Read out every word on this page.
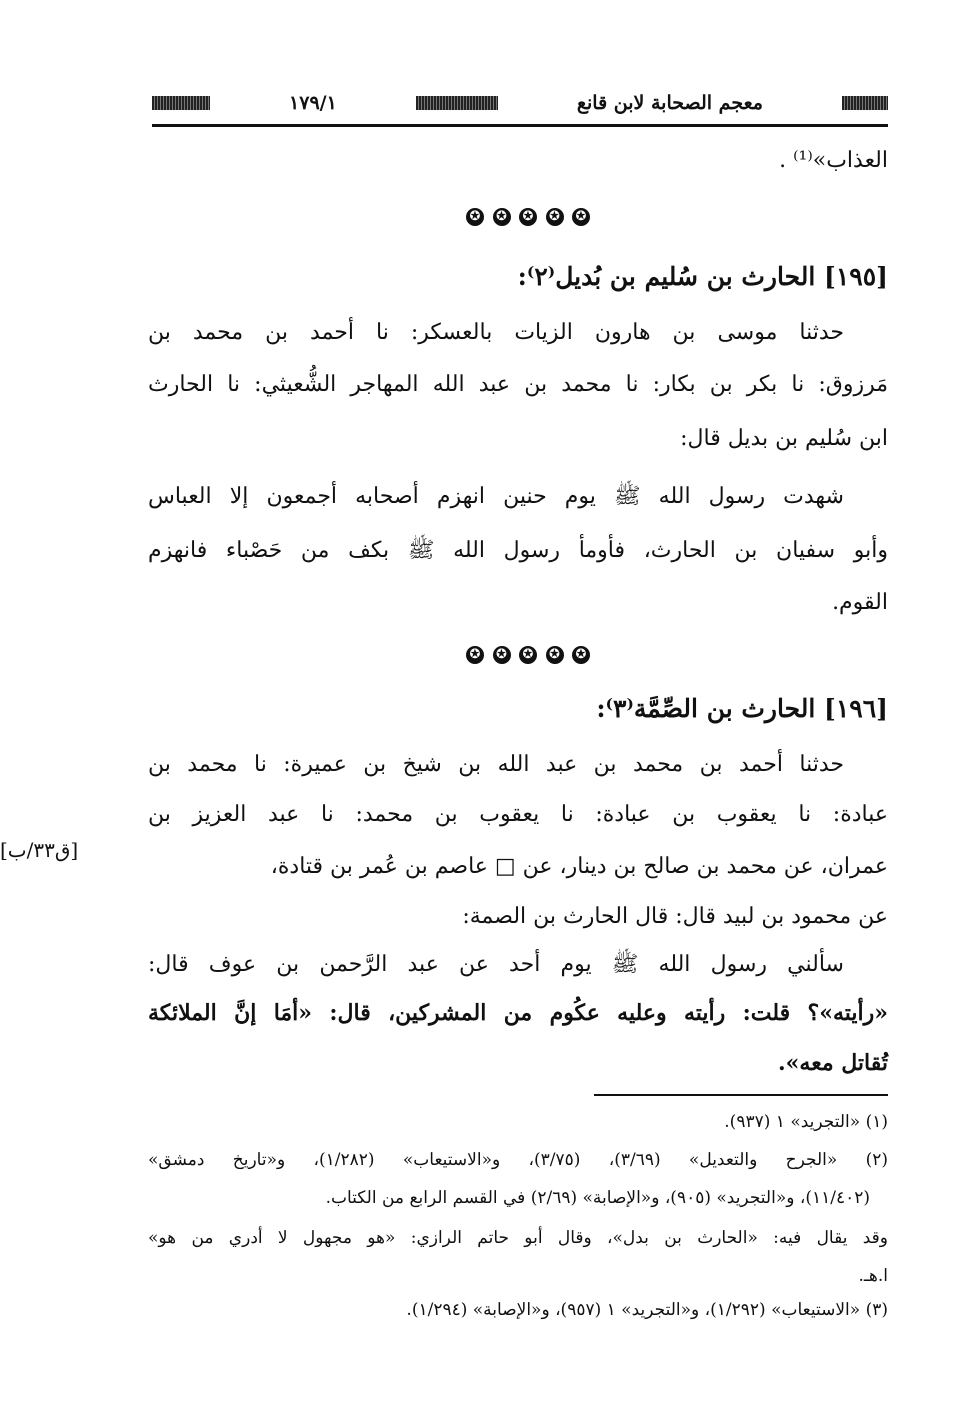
١٧٩/١	معجم الصحابة لابن قانع
العذاب»⁽¹⁾ .
✪ ✪ ✪ ✪ ✪
[١٩٥] الحارث بن سُليم بن بُديل⁽٢⁾:
حدثنا موسى بن هارون الزيات بالعسكر: نا أحمد بن محمد بن
مَرزوق: نا بكر بن بكار: نا محمد بن عبد الله المهاجر الشُّعيثي: نا الحارث
ابن سُليم بن بديل قال:
شهدت رسول الله ﷺ يوم حنين انهزم أصحابه أجمعون إلا العباس
وأبو سفيان بن الحارث، فأومأ رسول الله ﷺ بكف من حَصْباء فانهزم
القوم.
✪ ✪ ✪ ✪ ✪
[١٩٦] الحارث بن الصِّمَّة⁽٣⁾:
حدثنا أحمد بن محمد بن عبد الله بن شيخ بن عميرة: نا محمد بن
عبادة: نا يعقوب بن عبادة: نا يعقوب بن محمد: نا عبد العزيز بن
عمران، عن محمد بن صالح بن دينار، عن □ عاصم بن عُمر بن قتادة،
[ق٣٣/ب]
عن محمود بن لبيد قال: قال الحارث بن الصمة:
سألني رسول الله ﷺ يوم أحد عن عبد الرَّحمن بن عوف قال:
«رأيته»؟ قلت: رأيته وعليه عكُوم من المشركين، قال: «أمَا إنَّ الملائكة
تُقاتل معه».
(١) «التجريد» ١ (٩٣٧).
(٢) «الجرح والتعديل» (٣/٦٩)، (٣/٧٥)، و«الاستيعاب» (١/٢٨٢)، و«تاريخ دمشق»
(١١/٤٠٢)، و«التجريد» (٩٠٥)، و«الإصابة» (٢/٦٩) في القسم الرابع من الكتاب.
وقد يقال فيه: «الحارث بن بدل»، وقال أبو حاتم الرازي: «هو مجهول لا أدري من هو»
ا.هـ.
(٣) «الاستيعاب» (١/٢٩٢)، و«التجريد» ١ (٩٥٧)، و«الإصابة» (١/٢٩٤).
